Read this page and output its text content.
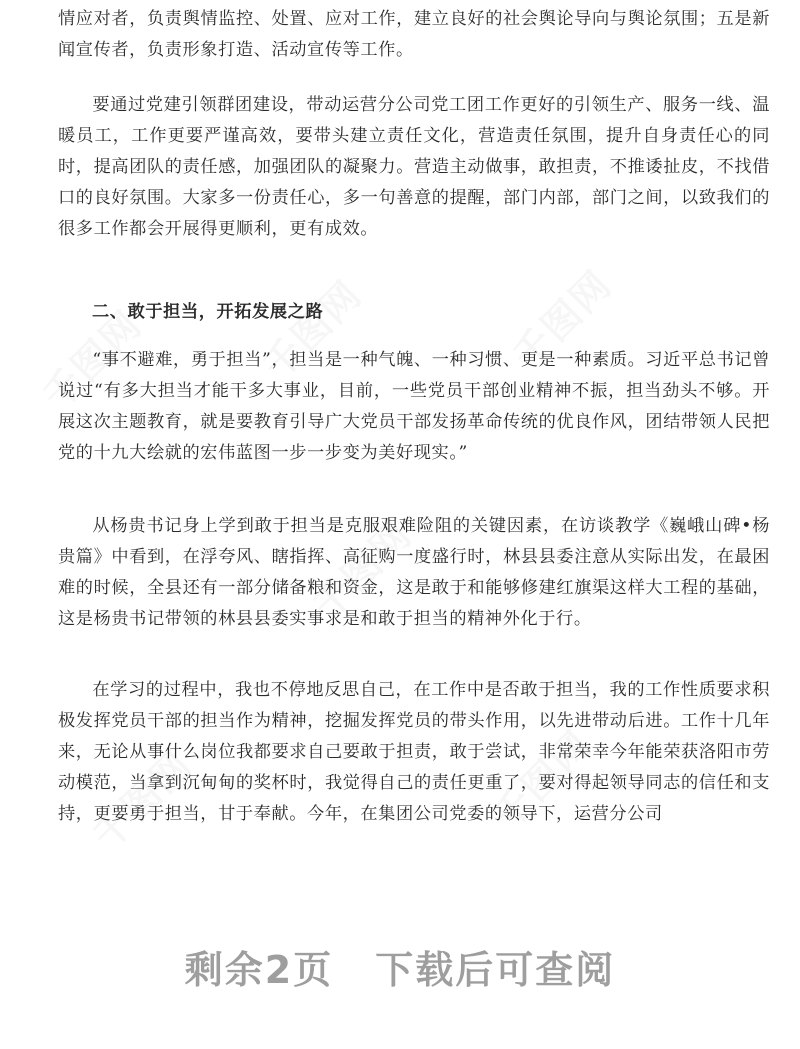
千图网	千图网	千图网
千图网
千图网	千图网

情应对者，负责舆情监控、处置、应对工作，建立良好的社会舆论导向与舆论氛围；五是新闻宣传者，负责形象打造、活动宣传等工作。

要通过党建引领群团建设，带动运营分公司党工团工作更好的引领生产、服务一线、温暖员工，工作更要严谨高效，要带头建立责任文化，营造责任氛围，提升自身责任心的同时，提高团队的责任感，加强团队的凝聚力。营造主动做事，敢担责，不推诿扯皮，不找借口的良好氛围。大家多一份责任心，多一句善意的提醒，部门内部，部门之间，以致我们的很多工作都会开展得更顺利，更有成效。

二、敢于担当，开拓发展之路

“事不避难，勇于担当”，担当是一种气魄、一种习惯、更是一种素质。习近平总书记曾说过“有多大担当才能干多大事业，目前，一些党员干部创业精神不振，担当劲头不够。开展这次主题教育，就是要教育引导广大党员干部发扬革命传统的优良作风，团结带领人民把党的十九大绘就的宏伟蓝图一步一步变为美好现实。”

从杨贵书记身上学到敢于担当是克服艰难险阻的关键因素，在访谈教学《巍峨山碑•杨贵篇》中看到，在浮夸风、瞎指挥、高征购一度盛行时，林县县委注意从实际出发，在最困难的时候，全县还有一部分储备粮和资金，这是敢于和能够修建红旗渠这样大工程的基础，这是杨贵书记带领的林县县委实事求是和敢于担当的精神外化于行。

在学习的过程中，我也不停地反思自己，在工作中是否敢于担当，我的工作性质要求积极发挥党员干部的担当作为精神，挖掘发挥党员的带头作用，以先进带动后进。工作十几年来，无论从事什么岗位我都要求自己要敢于担责，敢于尝试，非常荣幸今年能荣获洛阳市劳动模范，当拿到沉甸甸的奖杯时，我觉得自己的责任更重了，要对得起领导同志的信任和支持，更要勇于担当，甘于奉献。今年，在集团公司党委的领导下，运营分公司

剩余2页 下载后可查阅
